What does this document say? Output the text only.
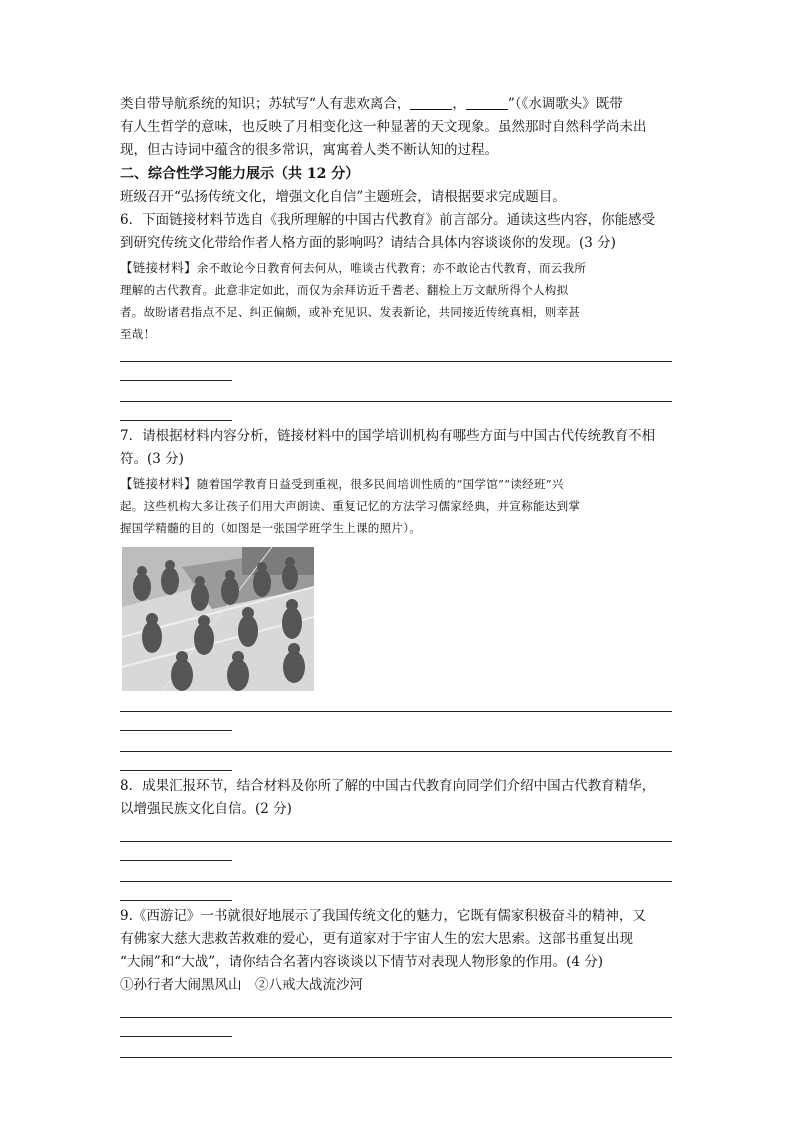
类自带导航系统的知识；苏轼写“人有悲欢离合，	，	”（《水调歌头》既带

有人生哲学的意味，也反映了月相变化这一种显著的天文现象。虽然那时自然科学尚未出

现，但古诗词中蕴含的很多常识，寓寓着人类不断认知的过程。

二、综合性学习能力展示（共 12 分）

班级召开“弘扬传统文化，增强文化自信”主题班会，请根据要求完成题目。

6．下面链接材料节选自《我所理解的中国古代教育》前言部分。通读这些内容，你能感受

到研究传统文化带给作者人格方面的影响吗？请结合具体内容谈谈你的发现。(3 分)

【链接材料】余不敢论今日教育何去何从，唯谈古代教育；亦不敢论古代教育，而云我所
理解的古代教育。此意非定如此，而仅为余拜访近千耆老、翻检上万文献所得个人构拟
者。故盼诸君指点不足、纠正偏颇，或补充见识、发表新论，共同接近传统真相，则幸甚
至哉！

7．请根据材料内容分析，链接材料中的国学培训机构有哪些方面与中国古代传统教育不相

符。(3 分)

【链接材料】随着国学教育日益受到重视，很多民间培训性质的“国学馆”“读经班”兴
起。这些机构大多让孩子们用大声朗读、重复记忆的方法学习儒家经典，并宣称能达到掌
握国学精髓的目的（如图是一张国学班学生上课的照片）。

8．成果汇报环节，结合材料及你所了解的中国古代教育向同学们介绍中国古代教育精华，

以增强民族文化自信。(2 分)

9.《西游记》一书就很好地展示了我国传统文化的魅力，它既有儒家积极奋斗的精神，又

有佛家大慈大悲救苦救难的爱心，更有道家对于宇宙人生的宏大思索。这部书重复出现

“大闹”和“大战”，请你结合名著内容谈谈以下情节对表现人物形象的作用。(4 分)

①孙行者大闹黑风山　②八戒大战流沙河
